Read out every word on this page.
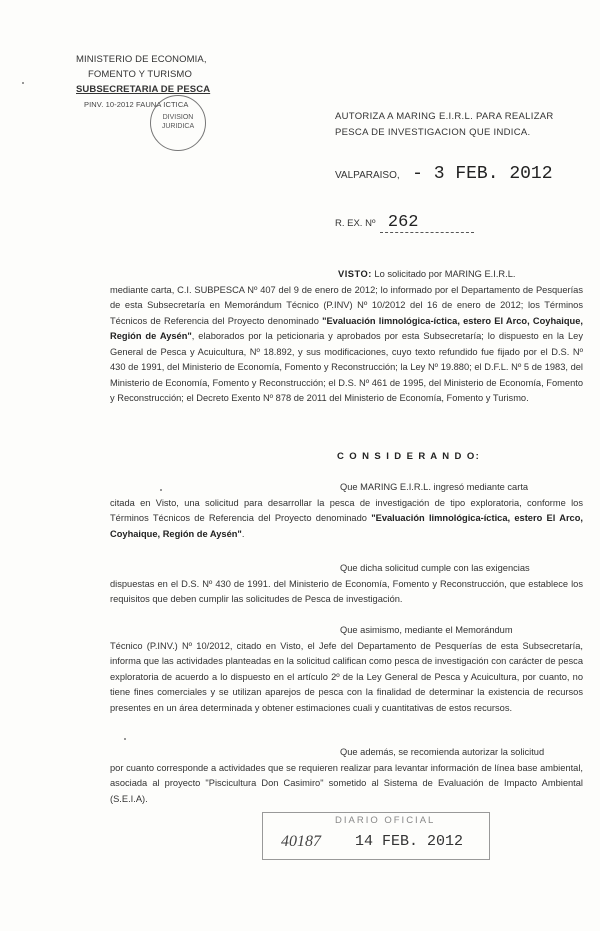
MINISTERIO DE ECONOMIA,
FOMENTO Y TURISMO
SUBSECRETARIA DE PESCA
PINV. 10-2012 FAUNA ICTICA
DIVISION
JURIDICA
AUTORIZA A MARING E.I.R.L. PARA REALIZAR
PESCA DE INVESTIGACION QUE INDICA.
VALPARAISO, - 3 FEB. 2012
R. EX. Nº 262

VISTO: Lo solicitado por MARING E.I.R.L.

mediante carta, C.I. SUBPESCA Nº 407 del 9 de enero de 2012; lo informado por el Departamento de Pesquerías de esta Subsecretaría en Memorándum Técnico (P.INV) Nº 10/2012 del 16 de enero de 2012; los Términos Técnicos de Referencia del Proyecto denominado "Evaluación limnológica-íctica, estero El Arco, Coyhaique, Región de Aysén", elaborados por la peticionaria y aprobados por esta Subsecretaría; lo dispuesto en la Ley General de Pesca y Acuicultura, Nº 18.892, y sus modificaciones, cuyo texto refundido fue fijado por el D.S. Nº 430 de 1991, del Ministerio de Economía, Fomento y Reconstrucción; la Ley Nº 19.880; el D.F.L. Nº 5 de 1983, del Ministerio de Economía, Fomento y Reconstrucción; el D.S. Nº 461 de 1995, del Ministerio de Economía, Fomento y Reconstrucción; el Decreto Exento Nº 878 de 2011 del Ministerio de Economía, Fomento y Turismo.

C O N S I D E R A N D O:

Que MARING E.I.R.L. ingresó mediante carta

citada en Visto, una solicitud para desarrollar la pesca de investigación de tipo exploratoria, conforme los Términos Técnicos de Referencia del Proyecto denominado "Evaluación limnológica-íctica, estero El Arco, Coyhaique, Región de Aysén".

Que dicha solicitud cumple con las exigencias

dispuestas en el D.S. Nº 430 de 1991. del Ministerio de Economía, Fomento y Reconstrucción, que establece los requisitos que deben cumplir las solicitudes de Pesca de investigación.

Que asimismo, mediante el Memorándum

Técnico (P.INV.) Nº 10/2012, citado en Visto, el Jefe del Departamento de Pesquerías de esta Subsecretaría, informa que las actividades planteadas en la solicitud califican como pesca de investigación con carácter de pesca exploratoria de acuerdo a lo dispuesto en el artículo 2º de la Ley General de Pesca y Acuicultura, por cuanto, no tiene fines comerciales y se utilizan aparejos de pesca con la finalidad de determinar la existencia de recursos presentes en un área determinada y obtener estimaciones cuali y cuantitativas de estos recursos.

Que además, se recomienda autorizar la solicitud

por cuanto corresponde a actividades que se requieren realizar para levantar información de línea base ambiental, asociada al proyecto "Piscicultura Don Casimiro" sometido al Sistema de Evaluación de Impacto Ambiental (S.E.I.A).

DIARIO OFICIAL
40187 14 FEB. 2012
